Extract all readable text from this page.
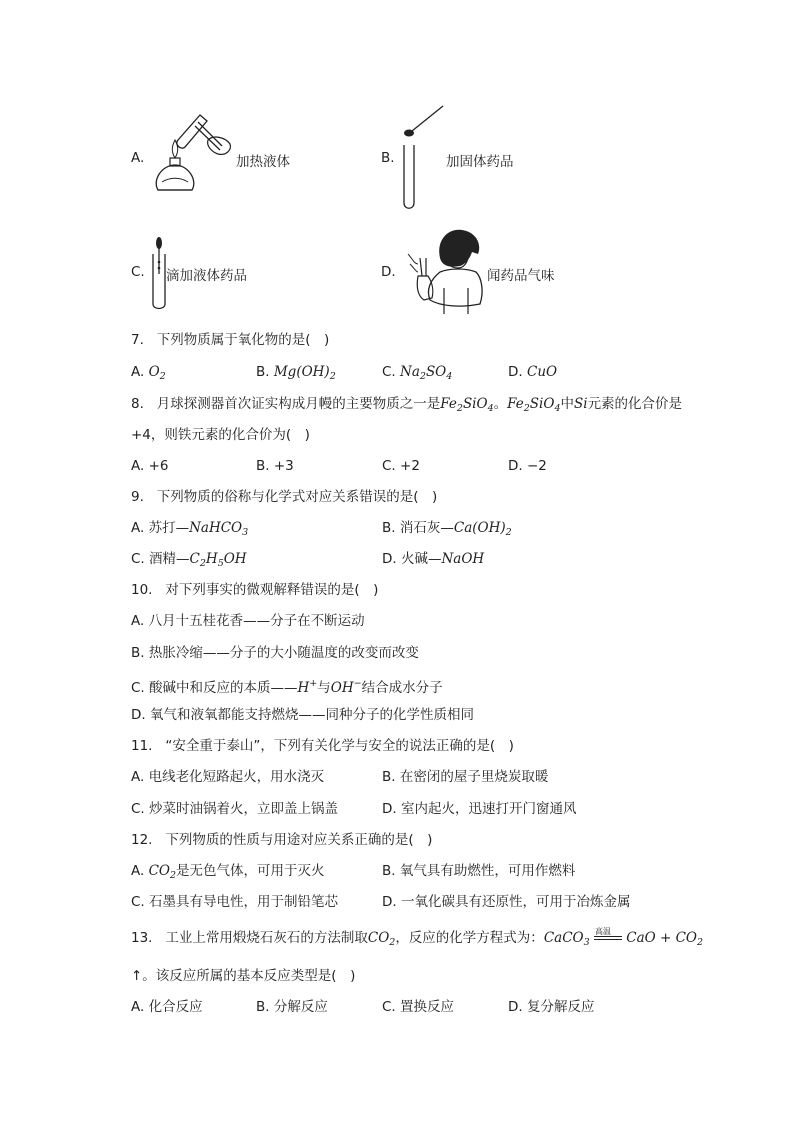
A.	加热液体	B.	加固体药品
C. 滴加液体药品	D.	闻药品气味
7. 下列物质属于氧化物的是(　)
A. $O_2$	B. $Mg(OH)_2$	C. $Na_2SO_4$	D. CuO
8. 月球探测器首次证实构成月幔的主要物质之一是$Fe_2SiO_4$。$Fe_2SiO_4$中Si元素的化合价是
+4，则铁元素的化合价为(　)
A. +6	B. +3	C. +2	D. −2
9. 下列物质的俗称与化学式对应关系错误的是(　)
A. 苏打—NaHCO$_3$	B. 消石灰$—Ca(OH)_2$
C. 酒精$—C_2H_5OH$	D. 火碱—NaOH
10. 对下列事实的微观解释错误的是(　)
A. 八月十五桂花香——分子在不断运动
B. 热胀冷缩——分子的大小随温度的改变而改变
C. 酸碱中和反应的本质——H+与OH−结合成水分子
D. 氧气和液氧都能支持燃烧——同种分子的化学性质相同
11. “安全重于泰山”，下列有关化学与安全的说法正确的是(　)
A. 电线老化短路起火，用水浇灭	B. 在密闭的屋子里烧炭取暖
C. 炒菜时油锅着火，立即盖上锅盖	D. 室内起火，迅速打开门窗通风
12. 下列物质的性质与用途对应关系正确的是(　)
A. $CO_2$是无色气体，可用于灭火	B. 氧气具有助燃性，可用作燃料
C. 石墨具有导电性，用于制铅笔芯	D. 一氧化碳具有还原性，可用于冶炼金属
13. 工业上常用煅烧石灰石的方法制取$CO_2$，反应的化学方程式为：CaCO$_3$
高温 CaO + $CO_2$
↑。该反应所属的基本反应类型是(　)
A. 化合反应	B. 分解反应	C. 置换反应	D. 复分解反应
